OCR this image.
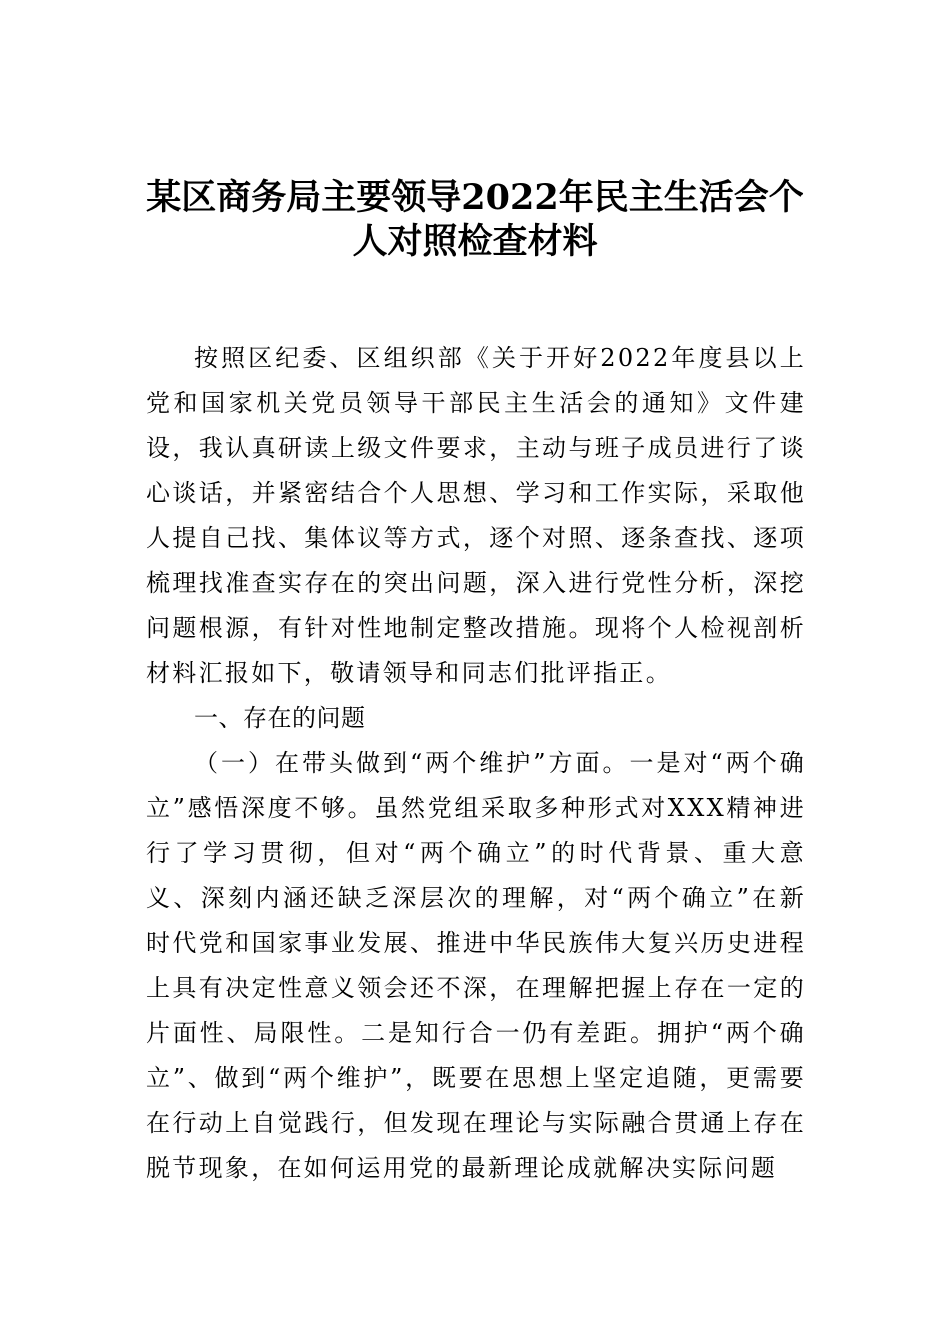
某区商务局主要领导2022年民主生活会个
人对照检查材料

按照区纪委、区组织部《关于开好2022年度县以上党和国家机关党员领导干部民主生活会的通知》文件建设，我认真研读上级文件要求，主动与班子成员进行了谈心谈话，并紧密结合个人思想、学习和工作实际，采取他人提自己找、集体议等方式，逐个对照、逐条查找、逐项梳理找准查实存在的突出问题，深入进行党性分析，深挖问题根源，有针对性地制定整改措施。现将个人检视剖析材料汇报如下，敬请领导和同志们批评指正。

一、存在的问题

（一）在带头做到“两个维护”方面。一是对“两个确立”感悟深度不够。虽然党组采取多种形式对XXX精神进行了学习贯彻，但对“两个确立”的时代背景、重大意义、深刻内涵还缺乏深层次的理解，对“两个确立”在新时代党和国家事业发展、推进中华民族伟大复兴历史进程上具有决定性意义领会还不深，在理解把握上存在一定的片面性、局限性。二是知行合一仍有差距。拥护“两个确立”、做到“两个维护”，既要在思想上坚定追随，更需要在行动上自觉践行，但发现在理论与实际融合贯通上存在脱节现象，在如何运用党的最新理论成就解决实际问题
